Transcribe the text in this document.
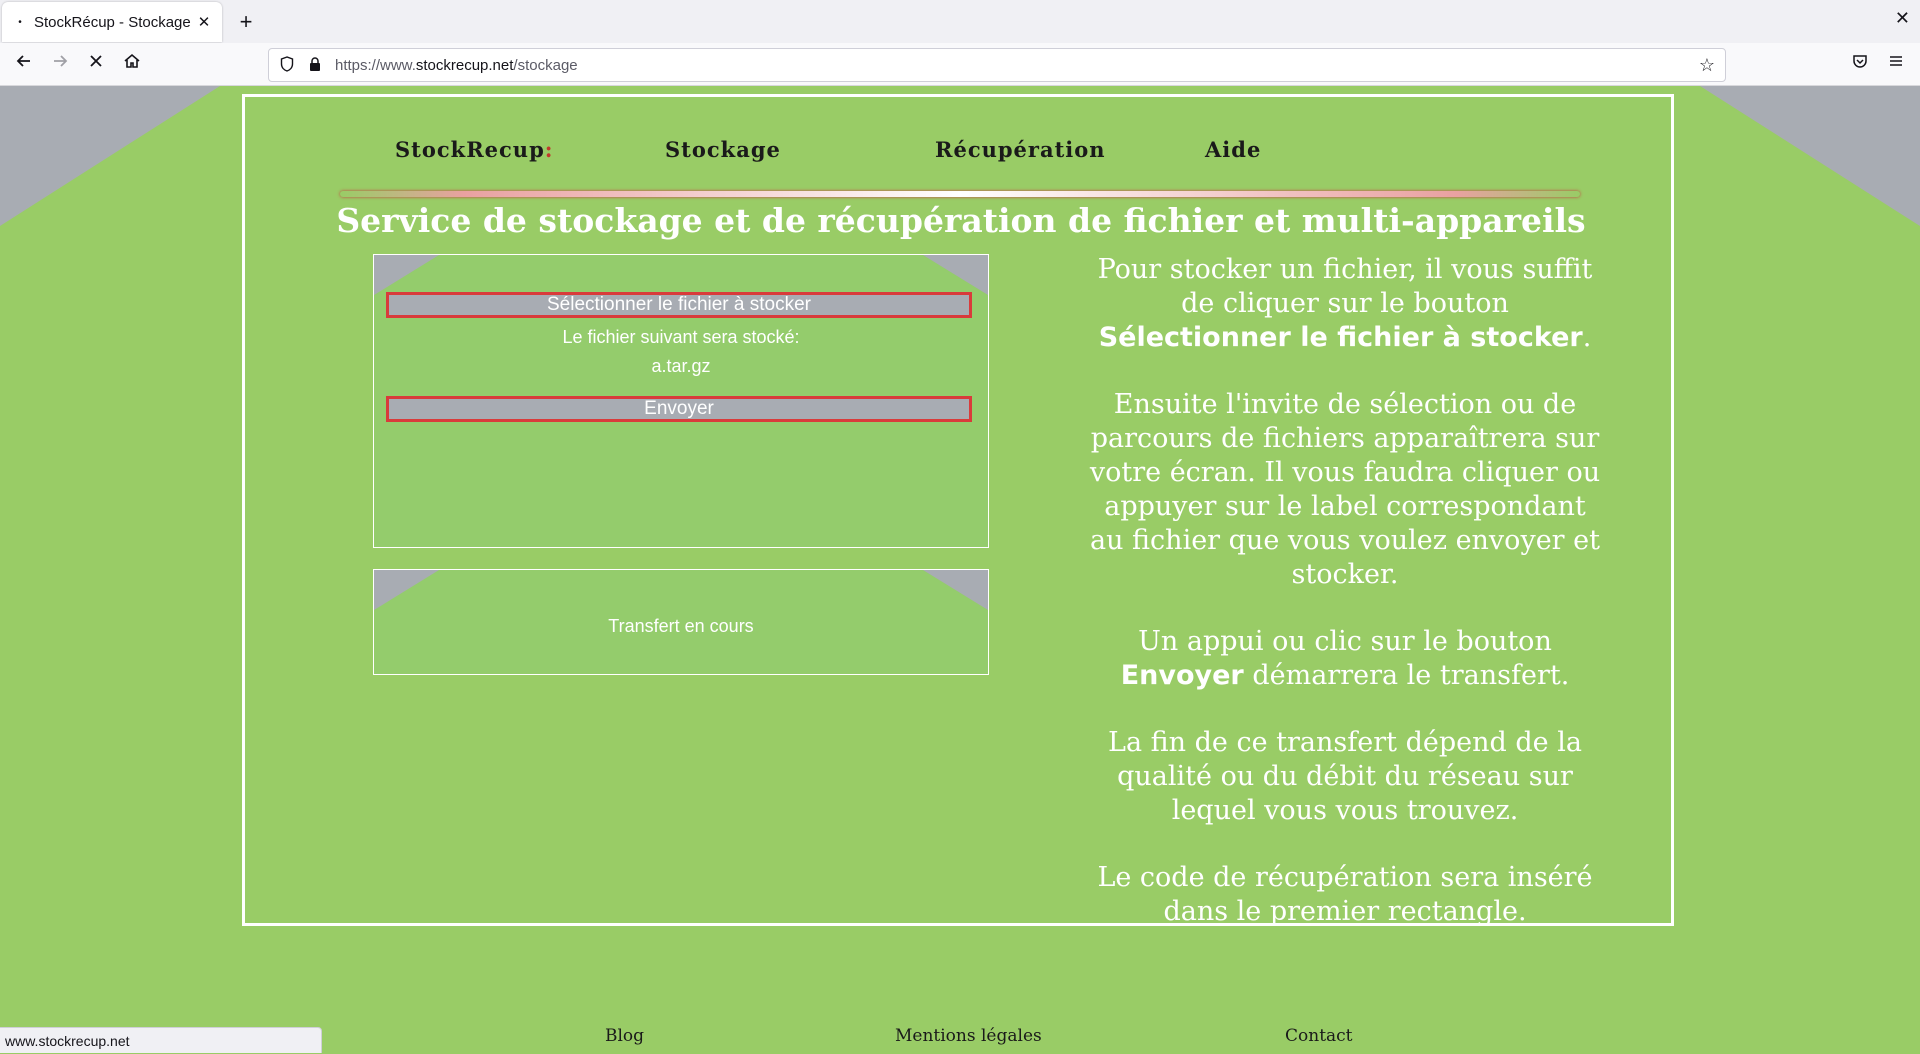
• StockRécup - Stockage ✕	+	✕
https://www.stockrecup.net/stockage	☆
StockRecup:	Stockage	Récupération	Aide
Service de stockage et de récupération de fichier et multi-appareils
Sélectionner le fichier à stocker
Le fichier suivant sera stocké:
a.tar.gz
Envoyer
Transfert en cours

Pour stocker un fichier, il vous suffit de cliquer sur le bouton Sélectionner le fichier à stocker.

Ensuite l'invite de sélection ou de parcours de fichiers apparaîtrera sur votre écran. Il vous faudra cliquer ou appuyer sur le label correspondant au fichier que vous voulez envoyer et stocker.

Un appui ou clic sur le bouton Envoyer démarrera le transfert.

La fin de ce transfert dépend de la qualité ou du débit du réseau sur lequel vous vous trouvez.

Le code de récupération sera inséré dans le premier rectangle.

Blog	Mentions légales	Contact
www.stockrecup.net
